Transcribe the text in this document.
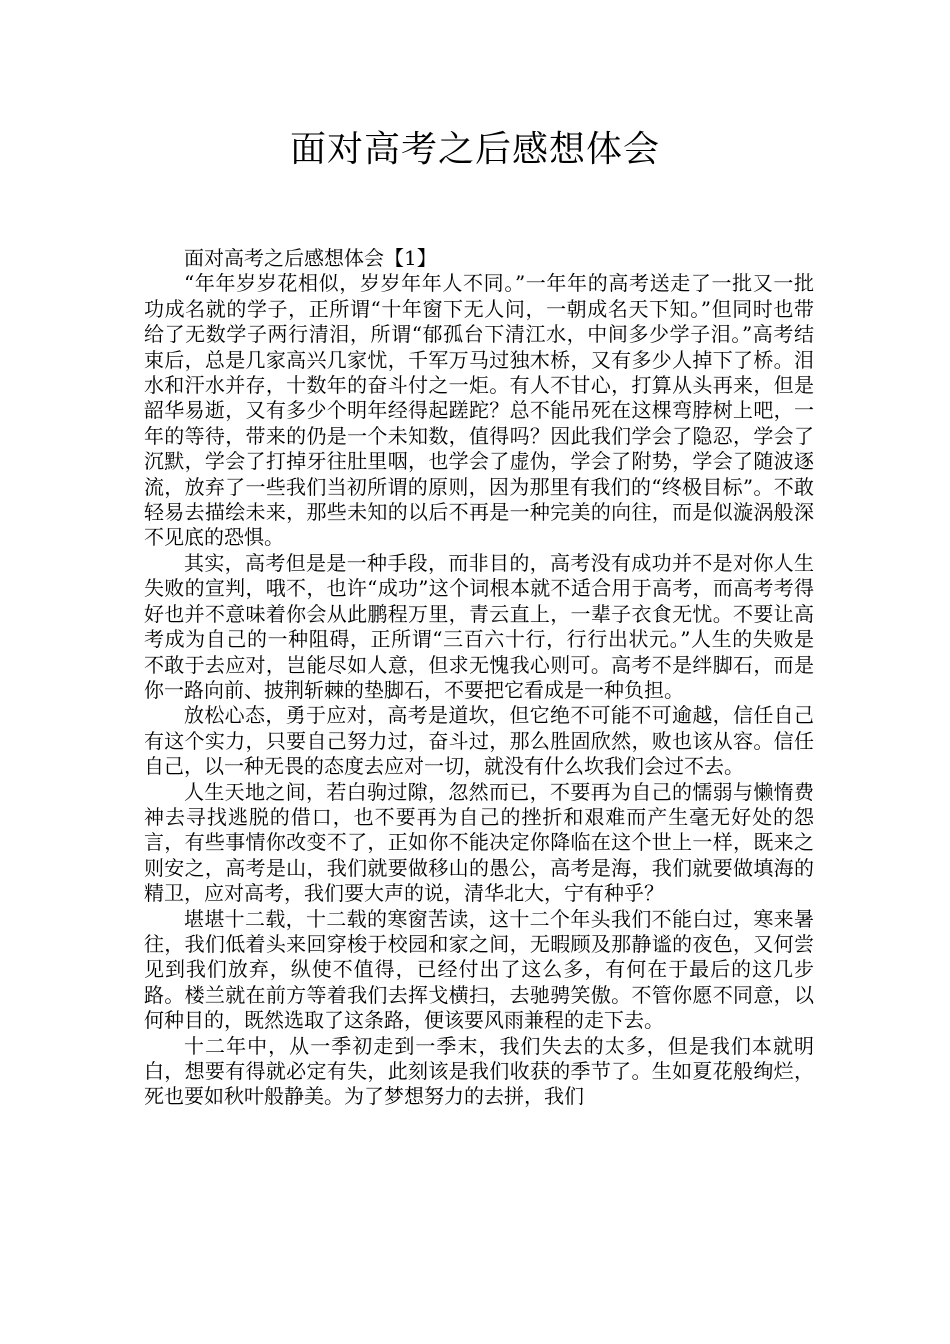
面对高考之后感想体会
面对高考之后感想体会【1】

“年年岁岁花相似，岁岁年年人不同。”一年年的高考送走了一批又一批功成名就的学子，正所谓“十年窗下无人问，一朝成名天下知。”但同时也带给了无数学子两行清泪，所谓“郁孤台下清江水，中间多少学子泪。”高考结束后，总是几家高兴几家忧，千军万马过独木桥，又有多少人掉下了桥。泪水和汗水并存，十数年的奋斗付之一炬。有人不甘心，打算从头再来，但是韶华易逝，又有多少个明年经得起蹉跎？总不能吊死在这棵弯脖树上吧，一年的等待，带来的仍是一个未知数，值得吗？因此我们学会了隐忍，学会了沉默，学会了打掉牙往肚里咽，也学会了虚伪，学会了附势，学会了随波逐流，放弃了一些我们当初所谓的原则，因为那里有我们的“终极目标”。不敢轻易去描绘未来，那些未知的以后不再是一种完美的向往，而是似漩涡般深不见底的恐惧。

其实，高考但是是一种手段，而非目的，高考没有成功并不是对你人生失败的宣判，哦不，也许“成功”这个词根本就不适合用于高考，而高考考得好也并不意味着你会从此鹏程万里，青云直上，一辈子衣食无忧。不要让高考成为自己的一种阻碍，正所谓“三百六十行，行行出状元。”人生的失败是不敢于去应对，岂能尽如人意，但求无愧我心则可。高考不是绊脚石，而是你一路向前、披荆斩棘的垫脚石，不要把它看成是一种负担。

放松心态，勇于应对，高考是道坎，但它绝不可能不可逾越，信任自己有这个实力，只要自己努力过，奋斗过，那么胜固欣然，败也该从容。信任自己，以一种无畏的态度去应对一切，就没有什么坎我们会过不去。

人生天地之间，若白驹过隙，忽然而已，不要再为自己的懦弱与懒惰费神去寻找逃脱的借口，也不要再为自己的挫折和艰难而产生毫无好处的怨言，有些事情你改变不了，正如你不能决定你降临在这个世上一样，既来之则安之，高考是山，我们就要做移山的愚公，高考是海，我们就要做填海的精卫，应对高考，我们要大声的说，清华北大，宁有种乎？

堪堪十二载，十二载的寒窗苦读，这十二个年头我们不能白过，寒来暑往，我们低着头来回穿梭于校园和家之间，无暇顾及那静谧的夜色，又何尝见到我们放弃，纵使不值得，已经付出了这么多，有何在于最后的这几步路。楼兰就在前方等着我们去挥戈横扫，去驰骋笑傲。不管你愿不同意，以何种目的，既然选取了这条路，便该要风雨兼程的走下去。

十二年中，从一季初走到一季末，我们失去的太多，但是我们本就明白，想要有得就必定有失，此刻该是我们收获的季节了。生如夏花般绚烂，死也要如秋叶般静美。为了梦想努力的去拼，我们
